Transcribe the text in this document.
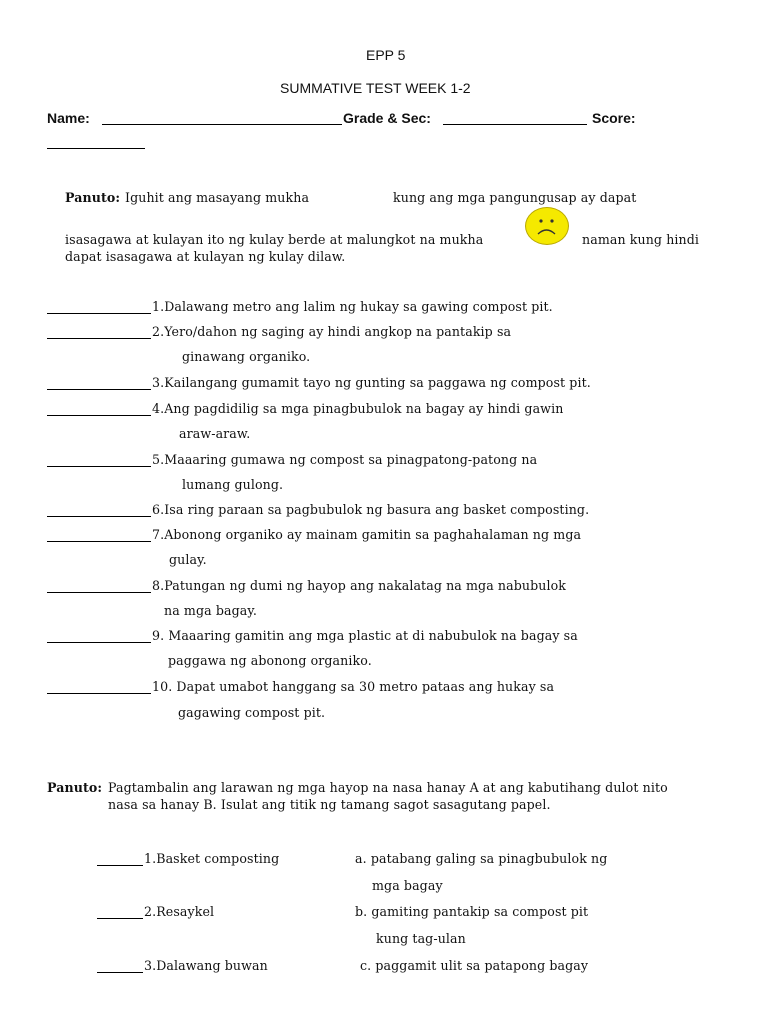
EPP 5
SUMMATIVE TEST WEEK 1-2
Name:	Grade & Sec:	Score:
Panuto: Iguhit ang masayang mukha	kung ang mga pangungusap ay dapat
isasagawa at kulayan ito ng kulay berde at malungkot na mukha	naman kung hindi
dapat isasagawa at kulayan ng kulay dilaw.
1.Dalawang metro ang lalim ng hukay sa gawing compost pit.
2.Yero/dahon ng saging ay hindi angkop na pantakip sa
ginawang organiko.
3.Kailangang gumamit tayo ng gunting sa paggawa ng compost pit.
4.Ang pagdidilig sa mga pinagbubulok na bagay ay hindi gawin
araw-araw.
5.Maaaring gumawa ng compost sa pinagpatong-patong na
lumang gulong.
6.Isa ring paraan sa pagbubulok ng basura ang basket composting.
7.Abonong organiko ay mainam gamitin sa paghahalaman ng mga
gulay.
8.Patungan ng dumi ng hayop ang nakalatag na mga nabubulok
na mga bagay.
9. Maaaring gamitin ang mga plastic at di nabubulok na bagay sa
paggawa ng abonong organiko.
10. Dapat umabot hanggang sa 30 metro pataas ang hukay sa
gagawing compost pit.
Panuto: Pagtambalin ang larawan ng mga hayop na nasa hanay A at ang kabutihang dulot nito
nasa sa hanay B. Isulat ang titik ng tamang sagot sasagutang papel.
1.Basket composting	a. patabang galing sa pinagbubulok ng
mga bagay
2.Resaykel	b. gamiting pantakip sa compost pit
kung tag-ulan
3.Dalawang buwan	c. paggamit ulit sa patapong bagay
